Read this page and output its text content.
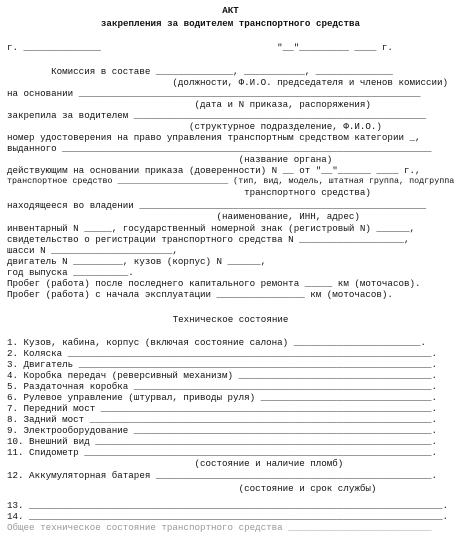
АКТ
закрепления за водителем транспортного средства
г. ______________                                "__"_________ ____ г.
Комиссия в составе ______________, ___________, ______________
(должности, Ф.И.О. председателя и членов комиссии)
на основании ______________________________________________________________
(дата и N приказа, распоряжения)
закрепила за водителем _____________________________________________________
(структурное подразделение, Ф.И.О.)
номер удостоверения на право управления транспортным средством категории _,
выданного ___________________________________________________________________
(название органа)
действующим на основании приказа (доверенности) N __ от "__"______ ____ г.,
транспортное средство ______________________ (тип, вид, модель, штатная группа, подгруппа
транспортного средства)
находящееся во владении ____________________________________________________
(наименование, ИНН, адрес)
инвентарный N _____, государственный номерной знак (регистровый N) ______,
свидетельство о регистрации транспортного средства N ___________________,
шасси N ______________________,
двигатель N _________, кузов (корпус) N ______,
год выпуска __________.
Пробег (работа) после последнего капитального ремонта _____ км (моточасов).
Пробег (работа) с начала эксплуатации ________________ км (моточасов).
Техническое состояние
1. Кузов, кабина, корпус (включая состояние салона) _______________________.
2. Коляска __________________________________________________________________.
3. Двигатель ________________________________________________________________.
4. Коробка передач (реверсивный механизм) ___________________________________.
5. Раздаточная коробка ______________________________________________________.
6. Рулевое управление (штурвал, приводы руля) _______________________________.
7. Передний мост ____________________________________________________________.
8. Задний мост ______________________________________________________________.
9. Электрооборудование ______________________________________________________.
10. Внешний вид _____________________________________________________________.
11. Спидометр _______________________________________________________________.
(состояние и наличие пломб)
12. Аккумуляторная батарея __________________________________________________.
(состояние и срок службы)
13. ___________________________________________________________________________.
14. ___________________________________________________________________________.
Общее техническое состояние транспортного средства __________________________
